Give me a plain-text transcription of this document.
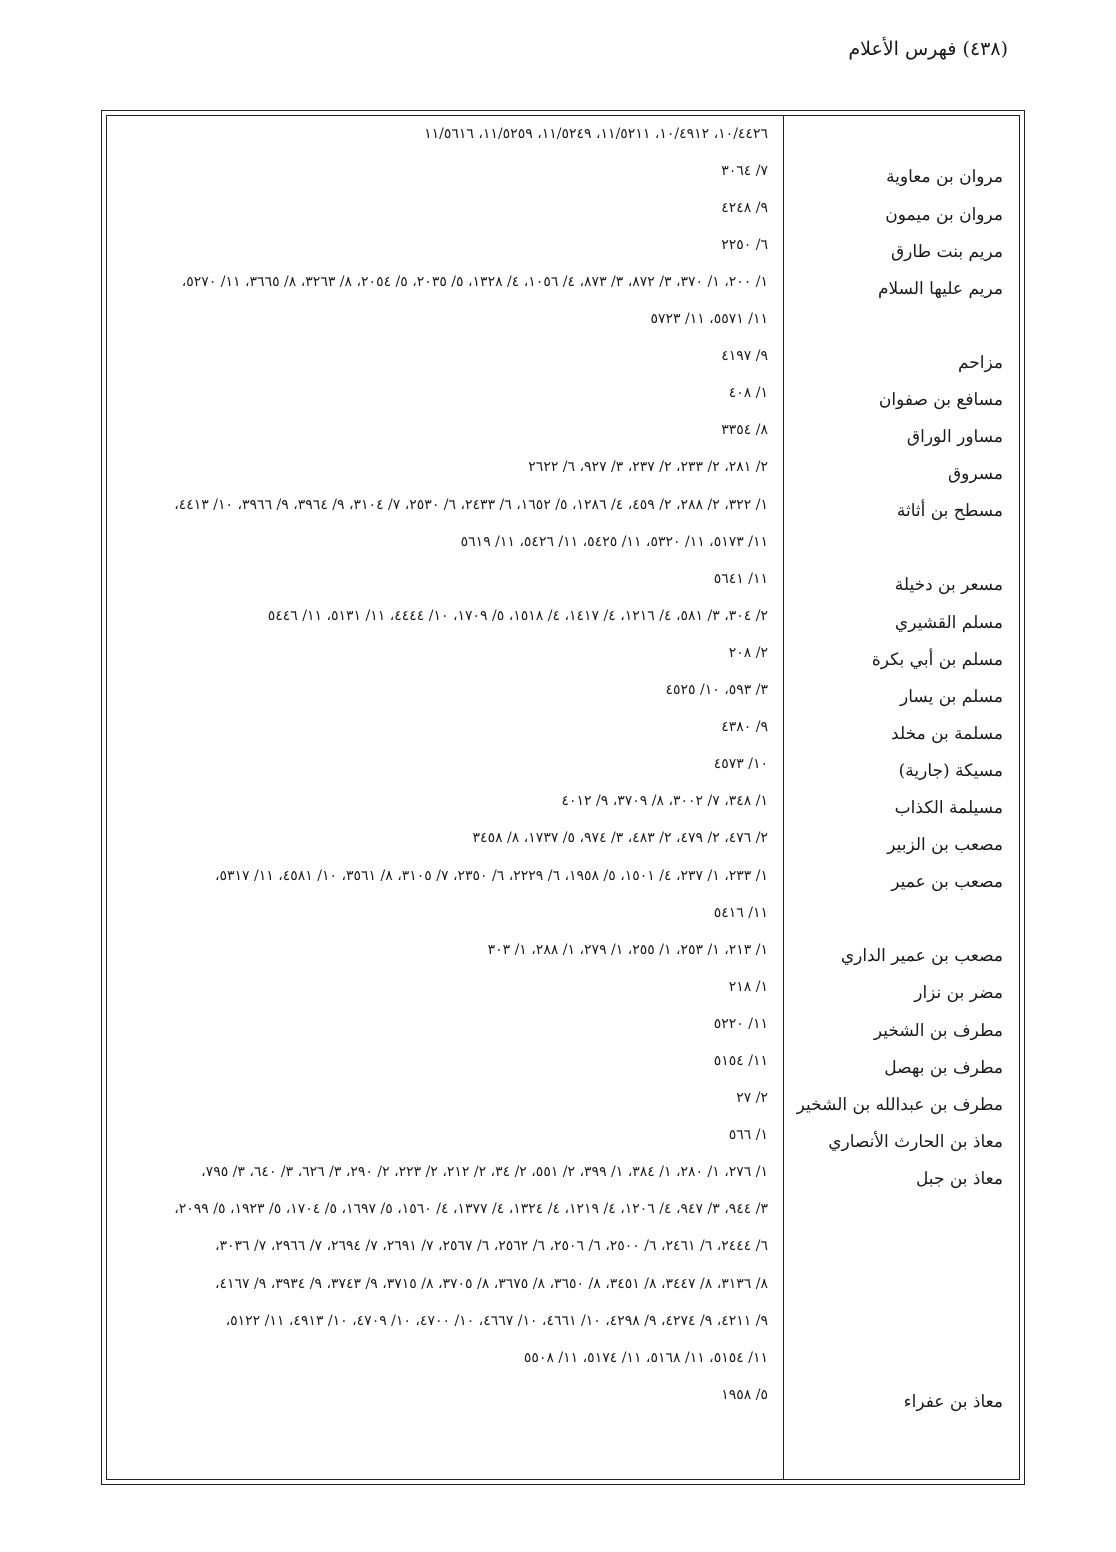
(٤٣٨) فهرس الأعلام
١٠/٤٤٢٦، ١٠/٤٩١٢، ١١/٥٢١١، ١١/٥٢٤٩، ١١/٥٢٥٩، ١١/٥٦١٦
مروان بن معاوية
٧/ ٣٠٦٤
مروان بن ميمون
٩/ ٤٢٤٨
مريم بنت طارق
٦/ ٢٢٥٠
مريم عليها السلام
١/ ٢٠٠، ١/ ٣٧٠، ٣/ ٨٧٢، ٣/ ٨٧٣، ٤/ ١٠٥٦، ٤/ ١٣٢٨، ٥/ ٢٠٣٥، ٥/ ٢٠٥٤، ٨/ ٣٢٦٣، ٨/ ٣٦٦٥، ١١/ ٥٢٧٠،
١١/ ٥٥٧١، ١١/ ٥٧٢٣
مزاحم
٩/ ٤١٩٧
مسافع بن صفوان
١/ ٤٠٨
مساور الوراق
٨/ ٣٣٥٤
مسروق
٢/ ٢٨١، ٢/ ٢٣٣، ٢/ ٢٣٧، ٣/ ٩٢٧، ٦/ ٢٦٢٢
مسطح بن أثاثة
١/ ٣٢٢، ٢/ ٢٨٨، ٢/ ٤٥٩، ٤/ ١٢٨٦، ٥/ ١٦٥٢، ٦/ ٢٤٣٣، ٦/ ٢٥٣٠، ٧/ ٣١٠٤، ٩/ ٣٩٦٤، ٩/ ٣٩٦٦، ١٠/ ٤٤١٣،
١١/ ٥١٧٣، ١١/ ٥٣٢٠، ١١/ ٥٤٢٥، ١١/ ٥٤٢٦، ١١/ ٥٦١٩
مسعر بن دخيلة
١١/ ٥٦٤١
مسلم القشيري
٢/ ٣٠٤، ٣/ ٥٨١، ٤/ ١٢١٦، ٤/ ١٤١٧، ٤/ ١٥١٨، ٥/ ١٧٠٩، ١٠/ ٤٤٤٤، ١١/ ٥١٣١، ١١/ ٥٤٤٦
مسلم بن أبي بكرة
٢/ ٢٠٨
مسلم بن يسار
٣/ ٥٩٣، ١٠/ ٤٥٢٥
مسلمة بن مخلد
٩/ ٤٣٨٠
مسيكة (جارية)
١٠/ ٤٥٧٣
مسيلمة الكذاب
١/ ٣٤٨، ٧/ ٣٠٠٢، ٨/ ٣٧٠٩، ٩/ ٤٠١٢
مصعب بن الزبير
٢/ ٤٧٦، ٢/ ٤٧٩، ٢/ ٤٨٣، ٣/ ٩٧٤، ٥/ ١٧٣٧، ٨/ ٣٤٥٨
مصعب بن عمير
١/ ٢٣٣، ١/ ٢٣٧، ٤/ ١٥٠١، ٥/ ١٩٥٨، ٦/ ٢٢٢٩، ٦/ ٢٣٥٠، ٧/ ٣١٠٥، ٨/ ٣٥٦١، ١٠/ ٤٥٨١، ١١/ ٥٣١٧،
١١/ ٥٤١٦
مصعب بن عمير الداري
١/ ٢١٣، ١/ ٢٥٣، ١/ ٢٥٥، ١/ ٢٧٩، ١/ ٢٨٨، ١/ ٣٠٣
مضر بن نزار
١/ ٢١٨
مطرف بن الشخير
١١/ ٥٢٢٠
مطرف بن بهصل
١١/ ٥١٥٤
مطرف بن عبدالله بن الشخير
٢/ ٢٧
معاذ بن الحارث الأنصاري
١/ ٥٦٦
معاذ بن جبل
١/ ٢٧٦، ١/ ٢٨٠، ١/ ٣٨٤، ١/ ٣٩٩، ٢/ ٥٥١، ٢/ ٣٤، ٢/ ٢١٢، ٢/ ٢٢٣، ٢/ ٢٩٠، ٣/ ٦٢٦، ٣/ ٦٤٠، ٣/ ٧٩٥،
٣/ ٩٤٤، ٣/ ٩٤٧، ٤/ ١٢٠٦، ٤/ ١٢١٩، ٤/ ١٣٢٤، ٤/ ١٣٧٧، ٤/ ١٥٦٠، ٥/ ١٦٩٧، ٥/ ١٧٠٤، ٥/ ١٩٢٣، ٥/ ٢٠٩٩،
٦/ ٢٤٤٤، ٦/ ٢٤٦١، ٦/ ٢٥٠٠، ٦/ ٢٥٠٦، ٦/ ٢٥٦٢، ٦/ ٢٥٦٧، ٧/ ٢٦٩١، ٧/ ٢٦٩٤، ٧/ ٢٩٦٦، ٧/ ٣٠٣٦،
٨/ ٣١٣٦، ٨/ ٣٤٤٧، ٨/ ٣٤٥١، ٨/ ٣٦٥٠، ٨/ ٣٦٧٥، ٨/ ٣٧٠٥، ٨/ ٣٧١٥، ٩/ ٣٧٤٣، ٩/ ٣٩٣٤، ٩/ ٤١٦٧،
٩/ ٤٢١١، ٩/ ٤٢٧٤، ٩/ ٤٢٩٨، ١٠/ ٤٦٦١، ١٠/ ٤٦٦٧، ١٠/ ٤٧٠٠، ١٠/ ٤٧٠٩، ١٠/ ٤٩١٣، ١١/ ٥١٢٢،
١١/ ٥١٥٤، ١١/ ٥١٦٨، ١١/ ٥١٧٤، ١١/ ٥٥٠٨
معاذ بن عفراء
٥/ ١٩٥٨
